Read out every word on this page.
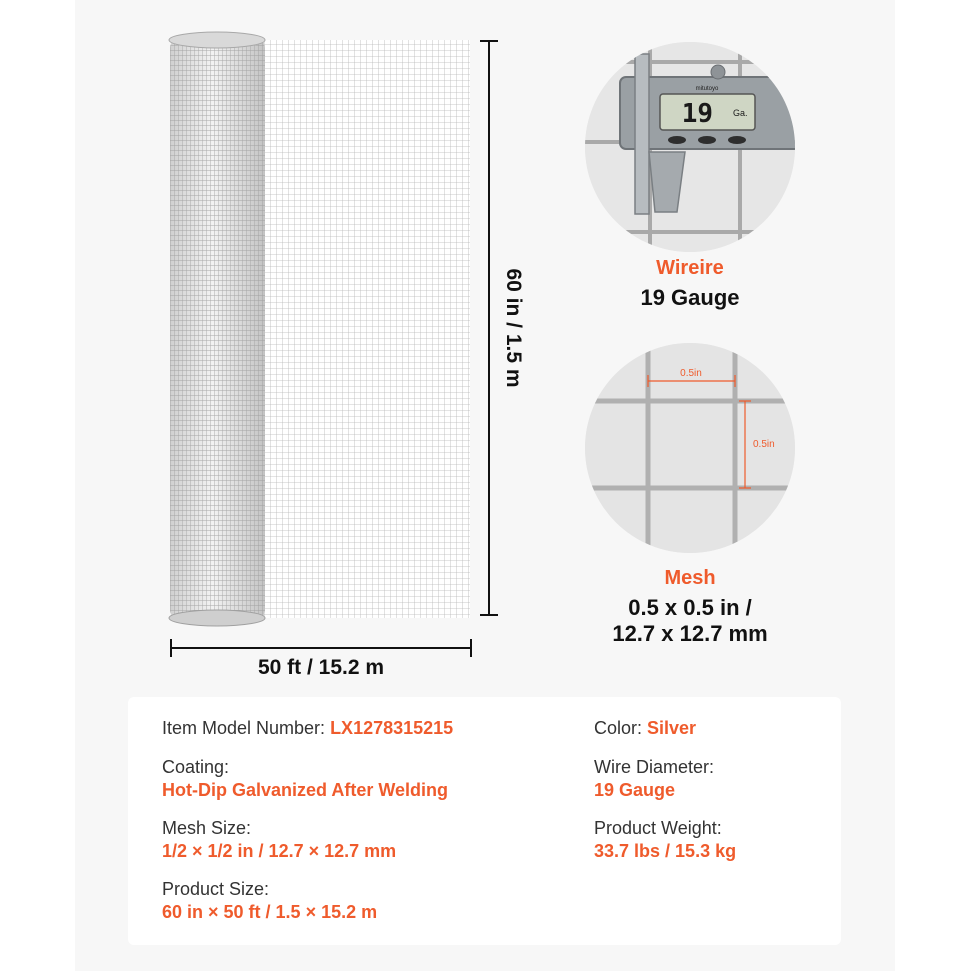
60 in / 1.5 m
50 ft / 15.2 m
mitutoyo
19 Ga.
Wireire
19 Gauge
0.5in
0.5in
Mesh
0.5 x 0.5 in /
12.7 x 12.7 mm
Item Model Number: LX1278315215	Color: Silver
Coating:
Hot-Dip Galvanized After Welding
Wire Diameter:
19 Gauge
Mesh Size:
1/2 × 1/2 in / 12.7 × 12.7 mm
Product Weight:
33.7 lbs / 15.3 kg
Product Size:
60 in × 50 ft / 1.5 × 15.2 m
